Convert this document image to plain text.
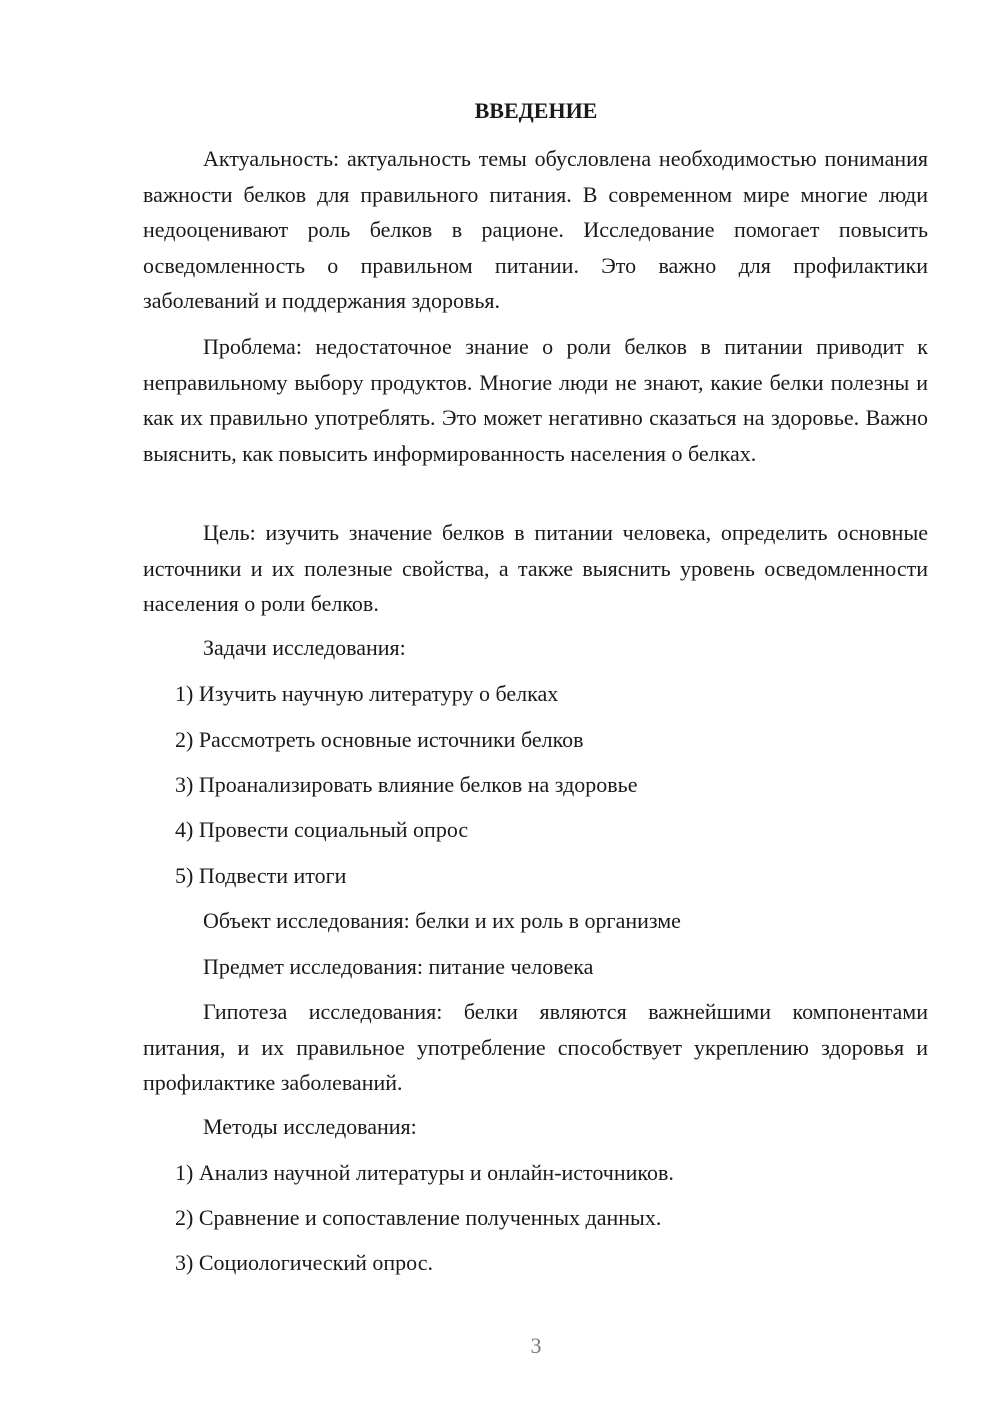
ВВЕДЕНИЕ

Актуальность: актуальность темы обусловлена необходимостью понимания важности белков для правильного питания. В современном мире многие люди недооценивают роль белков в рационе. Исследование помогает повысить осведомленность о правильном питании. Это важно для профилактики заболеваний и поддержания здоровья.

Проблема: недостаточное знание о роли белков в питании приводит к неправильному выбору продуктов. Многие люди не знают, какие белки полезны и как их правильно употреблять. Это может негативно сказаться на здоровье. Важно выяснить, как повысить информированность населения о белках.

Цель: изучить значение белков в питании человека, определить основные источники и их полезные свойства, а также выяснить уровень осведомленности населения о роли белков.

Задачи исследования:

1) Изучить научную литературу о белках

2) Рассмотреть основные источники белков

3) Проанализировать влияние белков на здоровье

4) Провести социальный опрос

5) Подвести итоги

Объект исследования: белки и их роль в организме

Предмет исследования: питание человека

Гипотеза исследования: белки являются важнейшими компонентами питания, и их правильное употребление способствует укреплению здоровья и профилактике заболеваний.

Методы исследования:

1) Анализ научной литературы и онлайн-источников.

2) Сравнение и сопоставление полученных данных.

3) Социологический опрос.

3
